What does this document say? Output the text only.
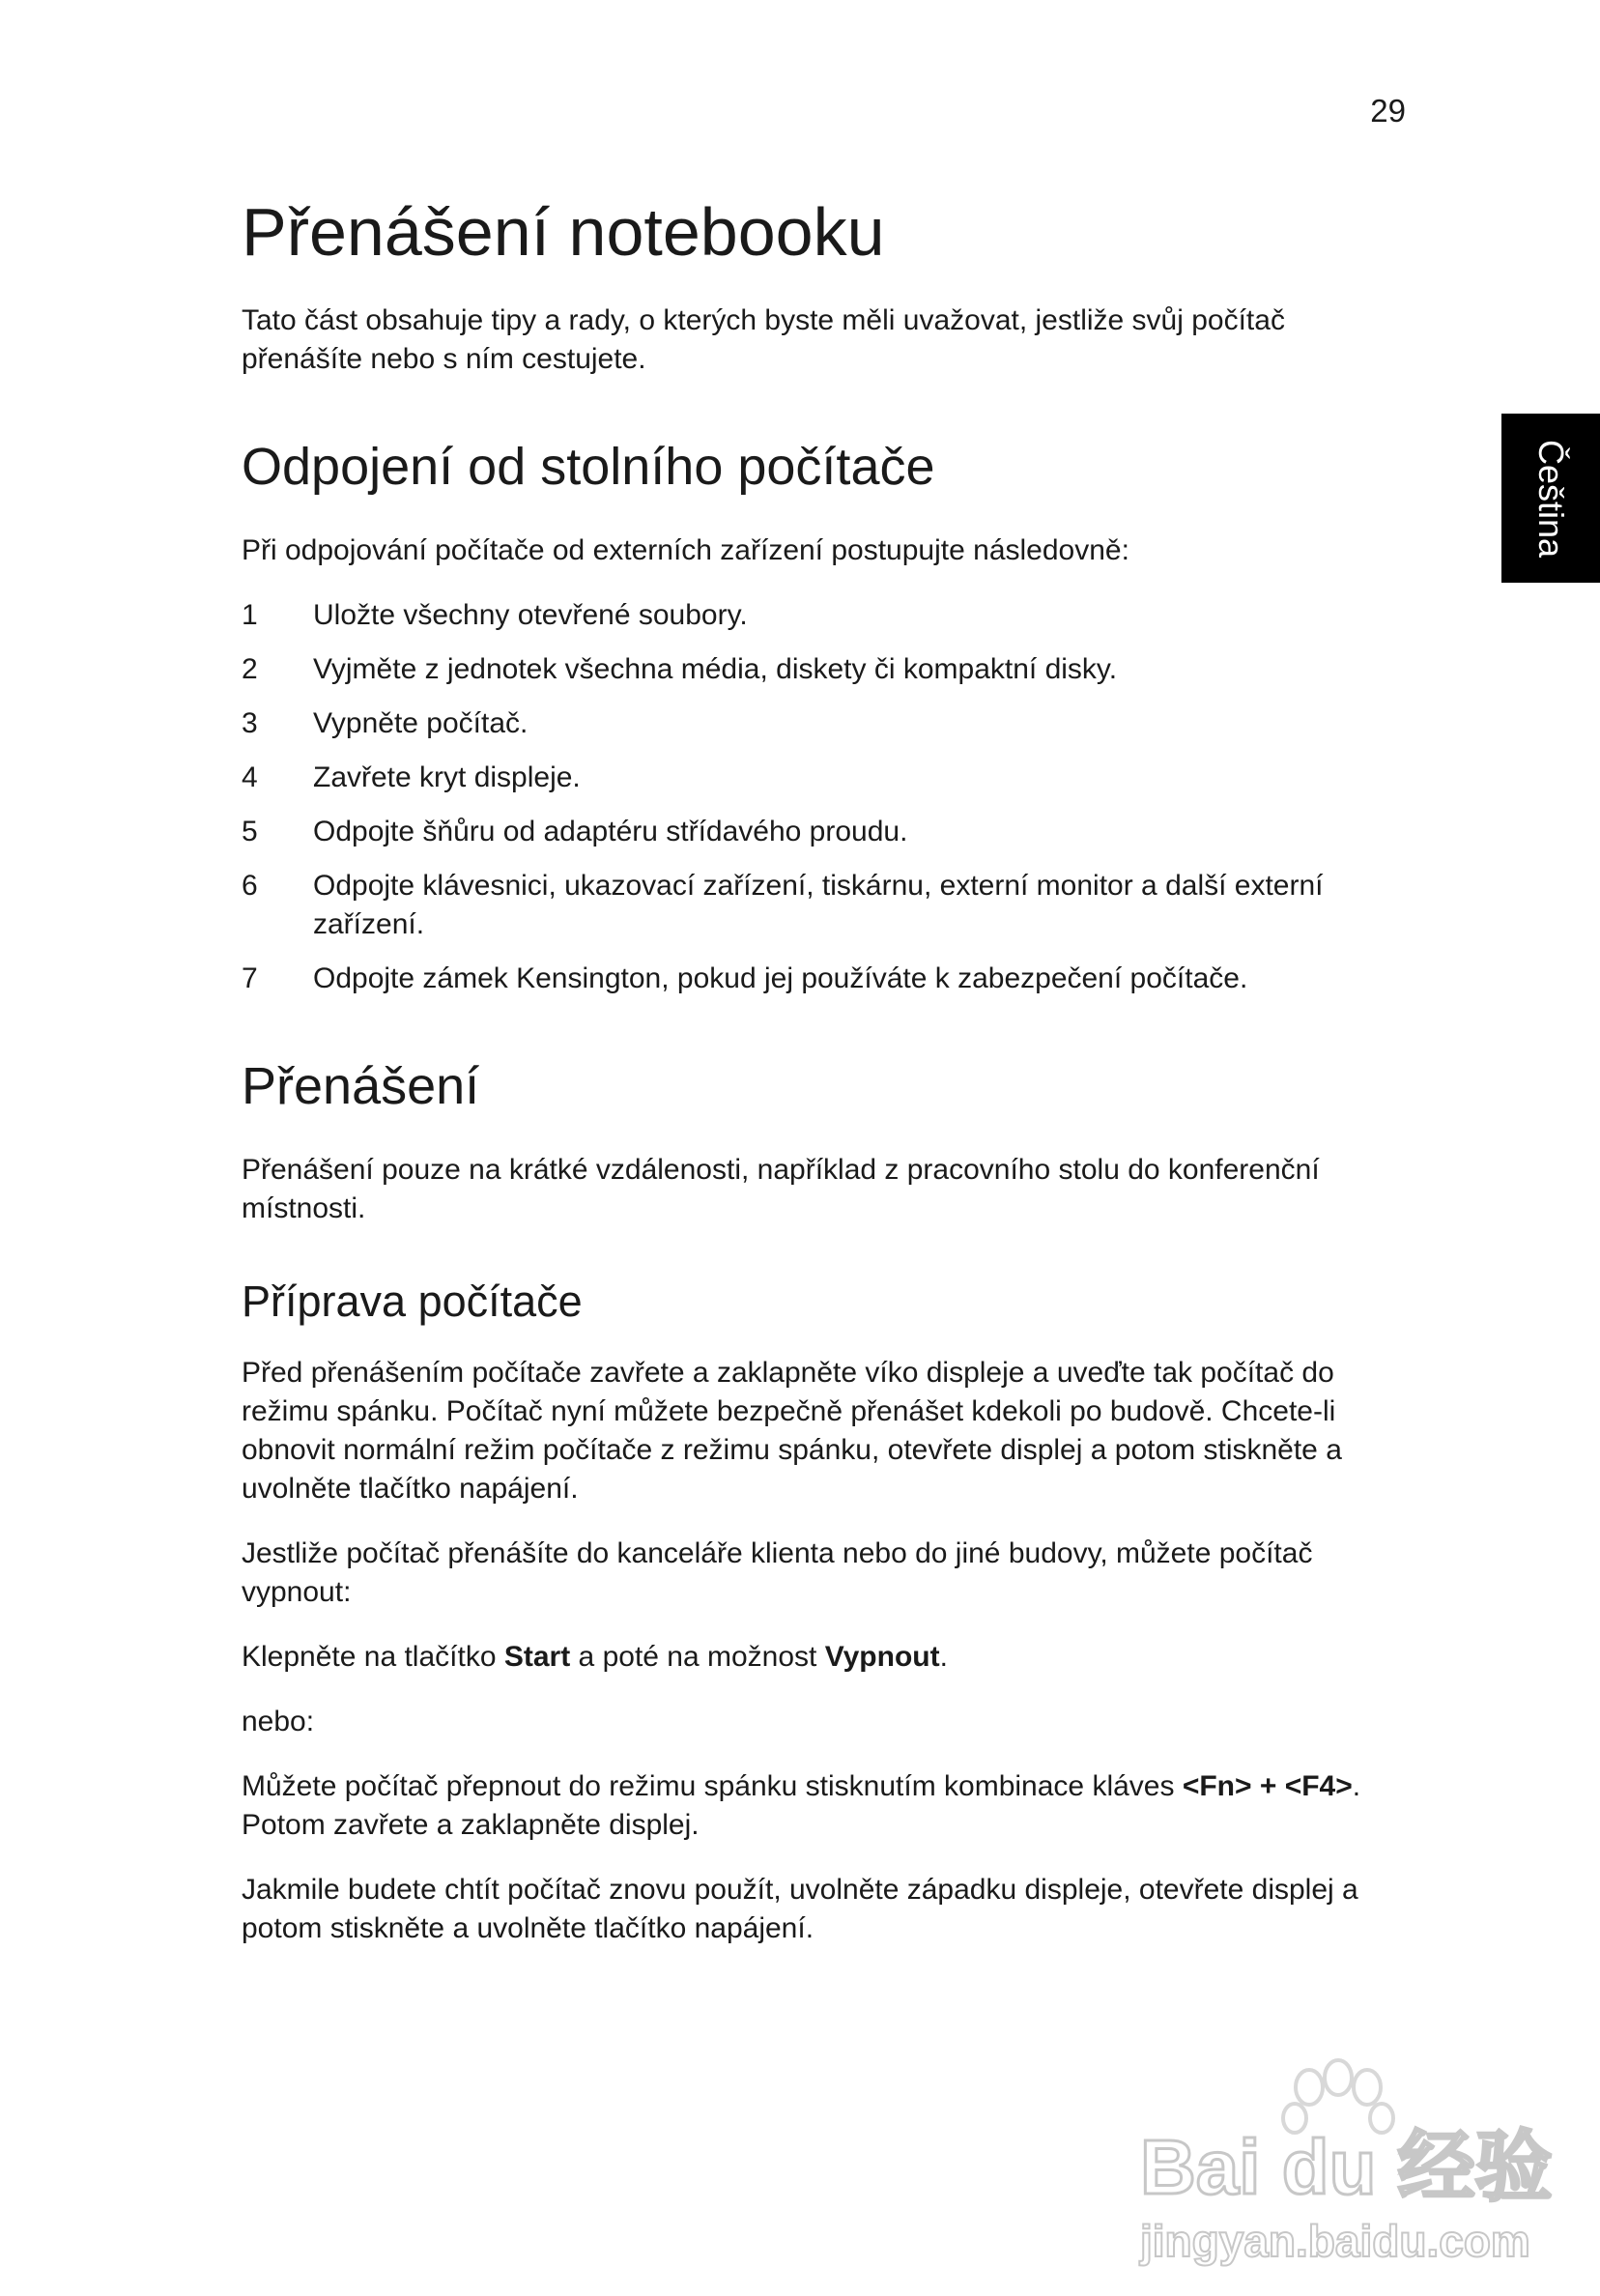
29
Čeština
Přenášení notebooku

Tato část obsahuje tipy a rady, o kterých byste měli uvažovat, jestliže svůj počítač přenášíte nebo s ním cestujete.

Odpojení od stolního počítače

Při odpojování počítače od externích zařízení postupujte následovně:

1 Uložte všechny otevřené soubory.
2 Vyjměte z jednotek všechna média, diskety či kompaktní disky.
3 Vypněte počítač.
4 Zavřete kryt displeje.
5 Odpojte šňůru od adaptéru střídavého proudu.
6 Odpojte klávesnici, ukazovací zařízení, tiskárnu, externí monitor a další externí zařízení.
7 Odpojte zámek Kensington, pokud jej používáte k zabezpečení počítače.
Přenášení

Přenášení pouze na krátké vzdálenosti, například z pracovního stolu do konferenční místnosti.

Příprava počítače

Před přenášením počítače zavřete a zaklapněte víko displeje a uveďte tak počítač do režimu spánku. Počítač nyní můžete bezpečně přenášet kdekoli po budově. Chcete-li obnovit normální režim počítače z režimu spánku, otevřete displej a potom stiskněte a uvolněte tlačítko napájení.

Jestliže počítač přenášíte do kanceláře klienta nebo do jiné budovy, můžete počítač vypnout:

Klepněte na tlačítko Start a poté na možnost Vypnout.

nebo:

Můžete počítač přepnout do režimu spánku stisknutím kombinace kláves <Fn> + <F4>. Potom zavřete a zaklapněte displej.

Jakmile budete chtít počítač znovu použít, uvolněte západku displeje, otevřete displej a potom stiskněte a uvolněte tlačítko napájení.

Bai du 经验
jingyan.baidu.com
